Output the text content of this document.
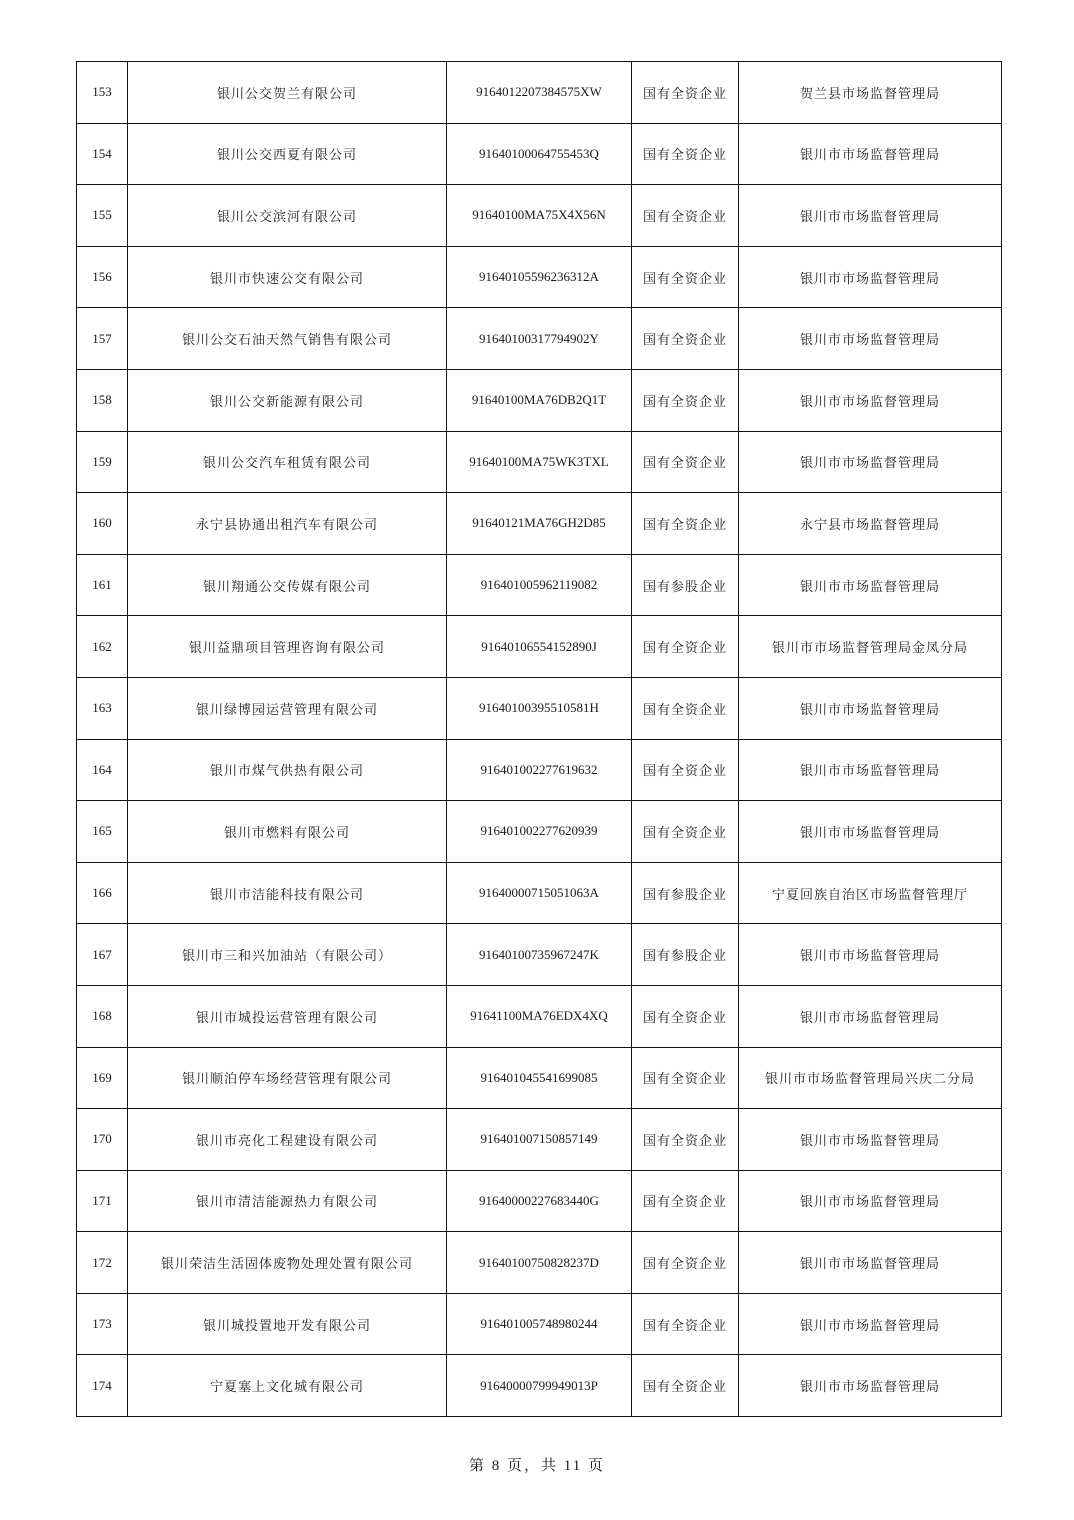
153	银川公交贺兰有限公司	9164012207384575XW	国有全资企业	贺兰县市场监督管理局
154	银川公交西夏有限公司	91640100064755453Q	国有全资企业	银川市市场监督管理局
155	银川公交滨河有限公司	91640100MA75X4X56N	国有全资企业	银川市市场监督管理局
156	银川市快速公交有限公司	91640105596236312A	国有全资企业	银川市市场监督管理局
157	银川公交石油天然气销售有限公司	91640100317794902Y	国有全资企业	银川市市场监督管理局
158	银川公交新能源有限公司	91640100MA76DB2Q1T	国有全资企业	银川市市场监督管理局
159	银川公交汽车租赁有限公司	91640100MA75WK3TXL	国有全资企业	银川市市场监督管理局
160	永宁县协通出租汽车有限公司	91640121MA76GH2D85	国有全资企业	永宁县市场监督管理局
161	银川翔通公交传媒有限公司	916401005962119082	国有参股企业	银川市市场监督管理局
162	银川益鼎项目管理咨询有限公司	91640106554152890J	国有全资企业	银川市市场监督管理局金凤分局
163	银川绿博园运营管理有限公司	91640100395510581H	国有全资企业	银川市市场监督管理局
164	银川市煤气供热有限公司	916401002277619632	国有全资企业	银川市市场监督管理局
165	银川市燃料有限公司	916401002277620939	国有全资企业	银川市市场监督管理局
166	银川市洁能科技有限公司	91640000715051063A	国有参股企业	宁夏回族自治区市场监督管理厅
167	银川市三和兴加油站（有限公司）	91640100735967247K	国有参股企业	银川市市场监督管理局
168	银川市城投运营管理有限公司	91641100MA76EDX4XQ	国有全资企业	银川市市场监督管理局
169	银川顺泊停车场经营管理有限公司	916401045541699085	国有全资企业	银川市市场监督管理局兴庆二分局
170	银川市亮化工程建设有限公司	916401007150857149	国有全资企业	银川市市场监督管理局
171	银川市清洁能源热力有限公司	91640000227683440G	国有全资企业	银川市市场监督管理局
172	银川荣洁生活固体废物处理处置有限公司	91640100750828237D	国有全资企业	银川市市场监督管理局
173	银川城投置地开发有限公司	916401005748980244	国有全资企业	银川市市场监督管理局
174	宁夏塞上文化城有限公司	91640000799949013P	国有全资企业	银川市市场监督管理局
第 8 页，共 11 页
